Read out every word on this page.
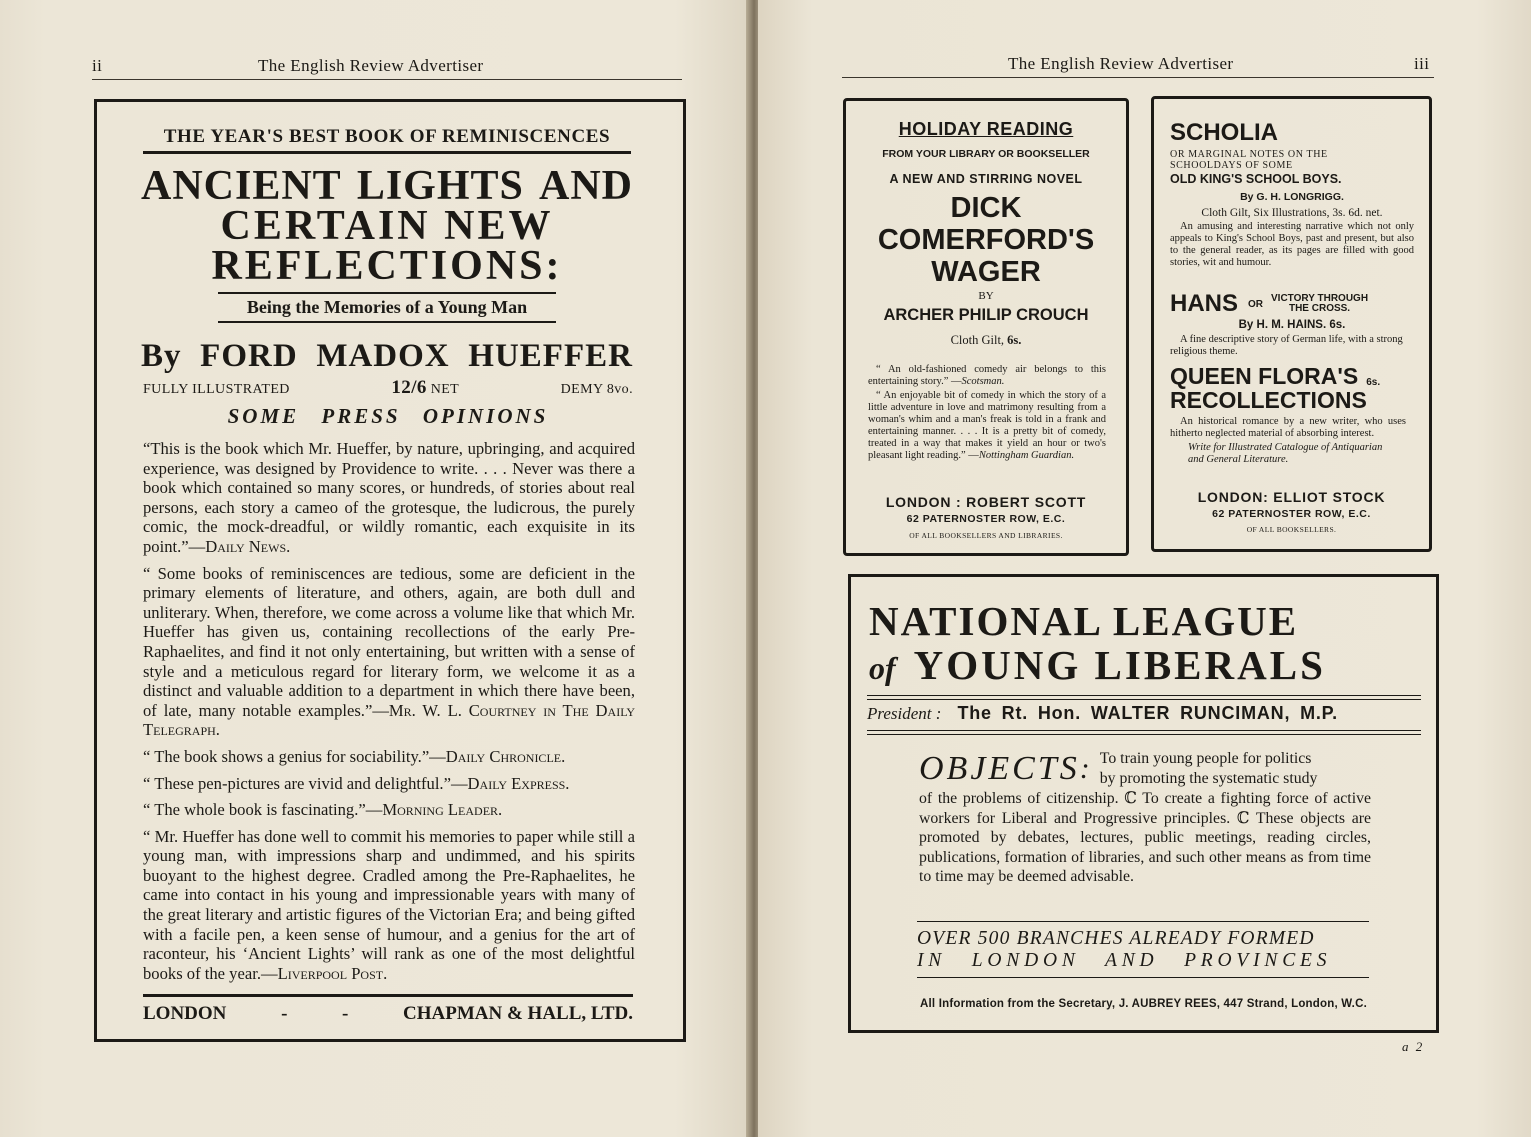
ii	The English Review Advertiser
THE YEAR'S BEST BOOK OF REMINISCENCES
ANCIENT LIGHTS AND
CERTAIN NEW
REFLECTIONS:
Being the Memories of a Young Man
By FORD MADOX HUEFFER
FULLY ILLUSTRATED	12/6 NET	DEMY 8vo.
SOME PRESS OPINIONS

“This is the book which Mr. Hueffer, by nature, upbringing, and acquired experience, was designed by Providence to write. . . . Never was there a book which contained so many scores, or hundreds, of stories about real persons, each story a cameo of the grotesque, the ludicrous, the purely comic, the mock-dreadful, or wildly romantic, each exquisite in its point.”—Daily News.

“ Some books of reminiscences are tedious, some are deficient in the primary elements of literature, and others, again, are both dull and unliterary. When, therefore, we come across a volume like that which Mr. Hueffer has given us, containing recollections of the early Pre-Raphaelites, and find it not only entertaining, but written with a sense of style and a meticulous regard for literary form, we welcome it as a distinct and valuable addition to a department in which there have been, of late, many notable examples.”—Mr. W. L. Courtney in The Daily Telegraph.

“ The book shows a genius for sociability.”—Daily Chronicle.

“ These pen-pictures are vivid and delightful.”—Daily Express.

“ The whole book is fascinating.”—Morning Leader.

“ Mr. Hueffer has done well to commit his memories to paper while still a young man, with impressions sharp and undimmed, and his spirits buoyant to the highest degree. Cradled among the Pre-Raphaelites, he came into contact in his young and impressionable years with many of the great literary and artistic figures of the Victorian Era; and being gifted with a facile pen, a keen sense of humour, and a genius for the art of raconteur, his ‘Ancient Lights’ will rank as one of the most delightful books of the year.—Liverpool Post.

LONDON	-	-	CHAPMAN & HALL, LTD.
The English Review Advertiser	iii
HOLIDAY READING
FROM YOUR LIBRARY OR BOOKSELLER
A NEW AND STIRRING NOVEL
DICK
COMERFORD'S
WAGER
BY
ARCHER PHILIP CROUCH
Cloth Gilt, 6s.
“ An old-fashioned comedy air belongs to this entertaining story.” —Scotsman.
“ An enjoyable bit of comedy in which the story of a little adventure in love and matrimony resulting from a woman's whim and a man's freak is told in a frank and entertaining manner. . . . It is a pretty bit of comedy, treated in a way that makes it yield an hour or two's pleasant light reading.” —Nottingham Guardian.
LONDON : ROBERT SCOTT
62 PATERNOSTER ROW, E.C.
OF ALL BOOKSELLERS AND LIBRARIES.
SCHOLIA
OR MARGINAL NOTES ON THE
SCHOOLDAYS OF SOME
OLD KING'S SCHOOL BOYS.
By G. H. LONGRIGG.
Cloth Gilt, Six Illustrations, 3s. 6d. net.
An amusing and interesting narrative which not only appeals to King's School Boys, past and present, but also to the general reader, as its pages are filled with good stories, wit and humour.
HANS OR VICTORY THROUGH
THE CROSS.
By H. M. HAINS. 6s.
A fine descriptive story of German life, with a strong religious theme.
QUEEN FLORA'S 6s.
RECOLLECTIONS
An historical romance by a new writer, who uses hitherto neglected material of absorbing interest.
Write for Illustrated Catalogue of Antiquarian and General Literature.
LONDON: ELLIOT STOCK
62 PATERNOSTER ROW, E.C.
OF ALL BOOKSELLERS.
NATIONAL LEAGUE
of YOUNG LIBERALS
President : The Rt. Hon. WALTER RUNCIMAN, M.P.
OBJECTS : To train young people for politics
by promoting the systematic study
of the problems of citizenship. ℂ To create a fighting force of active workers for Liberal and Progressive principles. ℂ These objects are promoted by debates, lectures, public meetings, reading circles, publications, formation of libraries, and such other means as from time to time may be deemed advisable.
OVER 500 BRANCHES ALREADY FORMED
IN LONDON AND PROVINCES
All Information from the Secretary, J. AUBREY REES, 447 Strand, London, W.C.
a 2
